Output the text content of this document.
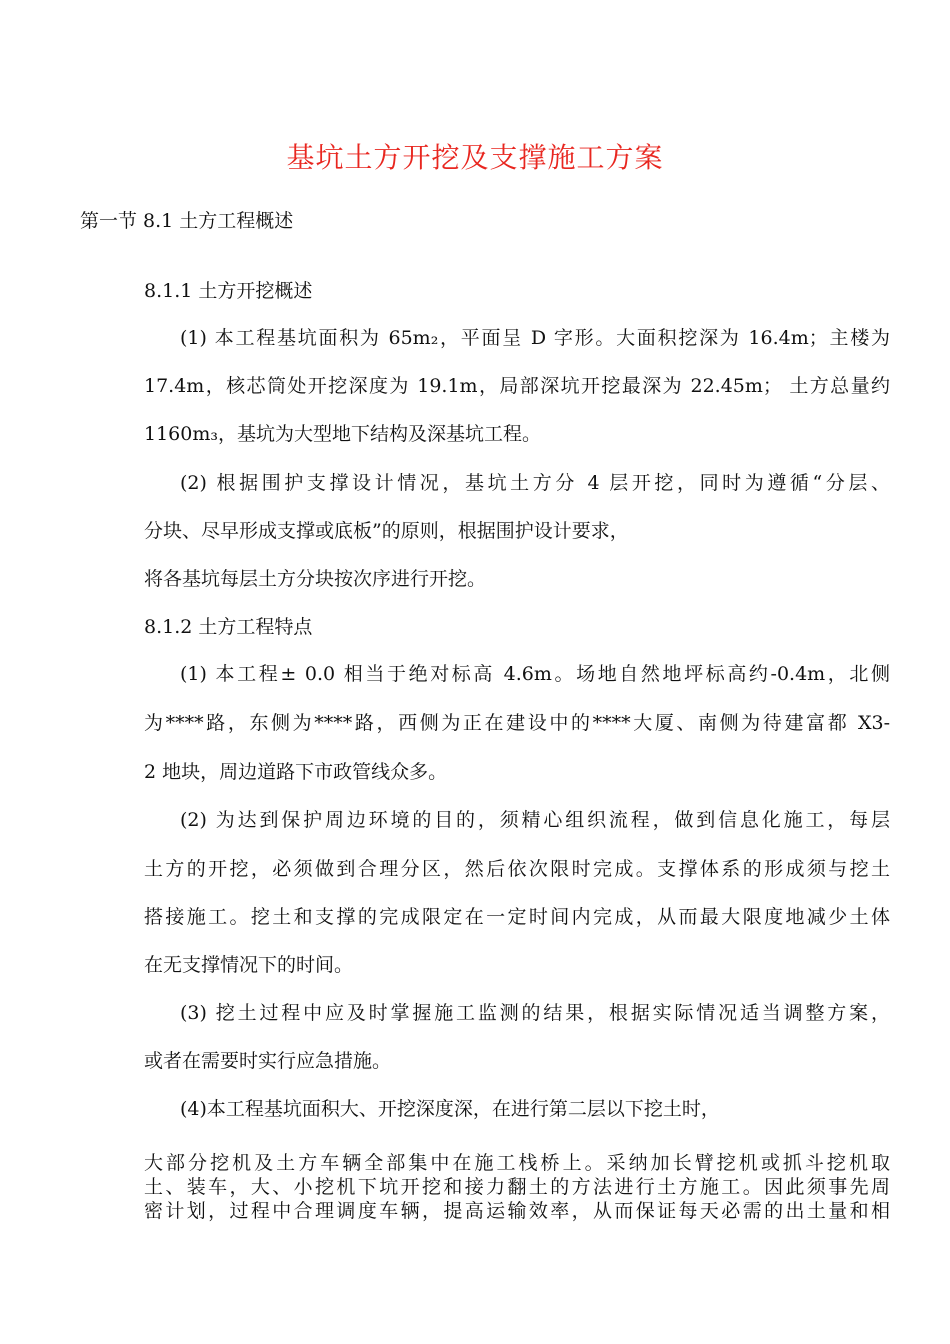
基坑土方开挖及支撑施工方案
第一节 8.1 土方工程概述
8.1.1 土方开挖概述
(1) 本工程基坑面积为 65m₂，平面呈 D 字形。大面积挖深为 16.4m；主楼为
17.4m，核芯筒处开挖深度为 19.1m，局部深坑开挖最深为 22.45m； 土方总量约
1160m₃，基坑为大型地下结构及深基坑工程。
(2) 根据围护支撑设计情况，基坑土方分 4 层开挖，同时为遵循“分层、
分块、尽早形成支撑或底板”的原则，根据围护设计要求，
将各基坑每层土方分块按次序进行开挖。
8.1.2 土方工程特点
(1) 本工程± 0.0 相当于绝对标高 4.6m。场地自然地坪标高约-0.4m，北侧
为****路，东侧为****路，西侧为正在建设中的****大厦、南侧为待建富都 X3-
2 地块，周边道路下市政管线众多。
(2) 为达到保护周边环境的目的，须精心组织流程，做到信息化施工，每层
土方的开挖，必须做到合理分区，然后依次限时完成。支撑体系的形成须与挖土
搭接施工。挖土和支撑的完成限定在一定时间内完成，从而最大限度地减少土体
在无支撑情况下的时间。
(3) 挖土过程中应及时掌握施工监测的结果，根据实际情况适当调整方案，
或者在需要时实行应急措施。
(4)本工程基坑面积大、开挖深度深，在进行第二层以下挖土时，
大部分挖机及土方车辆全部集中在施工栈桥上。采纳加长臂挖机或抓斗挖机取
土、装车，大、小挖机下坑开挖和接力翻土的方法进行土方施工。因此须事先周
密计划，过程中合理调度车辆，提高运输效率，从而保证每天必需的出土量和相
